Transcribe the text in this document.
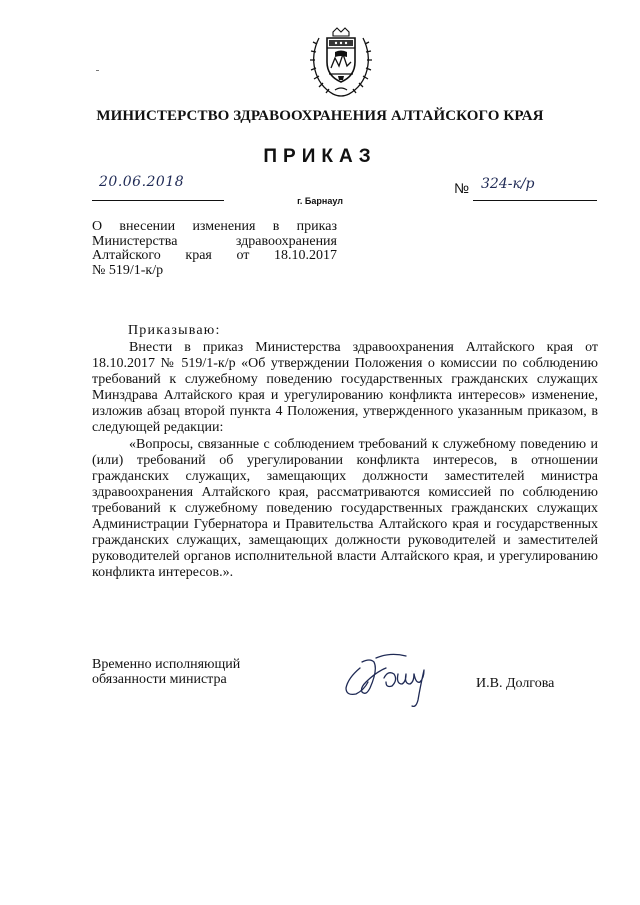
МИНИСТЕРСТВО ЗДРАВООХРАНЕНИЯ АЛТАЙСКОГО КРАЯ
ПРИКАЗ
20.06.2018
г. Барнаул
№ 324-к/р
О внесении изменения в приказ
Министерства здравоохранения
Алтайского края от 18.10.2017
№ 519/1-к/р
Приказываю:

Внести в приказ Министерства здравоохранения Алтайского края от 18.10.2017 № 519/1-к/р «Об утверждении Положения о комиссии по соблюдению требований к служебному поведению государственных гражданских служащих Минздрава Алтайского края и урегулированию конфликта интересов» изменение, изложив абзац второй пункта 4 Положения, утвержденного указанным приказом, в следующей редакции:

«Вопросы, связанные с соблюдением требований к служебному поведению и (или) требований об урегулировании конфликта интересов, в отношении гражданских служащих, замещающих должности заместителей министра здравоохранения Алтайского края, рассматриваются комиссией по соблюдению требований к служебному поведению государственных гражданских служащих Администрации Губернатора и Правительства Алтайского края и государственных гражданских служащих, замещающих должности руководителей и заместителей руководителей органов исполнительной власти Алтайского края, и урегулированию конфликта интересов.».

Временно исполняющий
обязанности министра	И.В. Долгова
